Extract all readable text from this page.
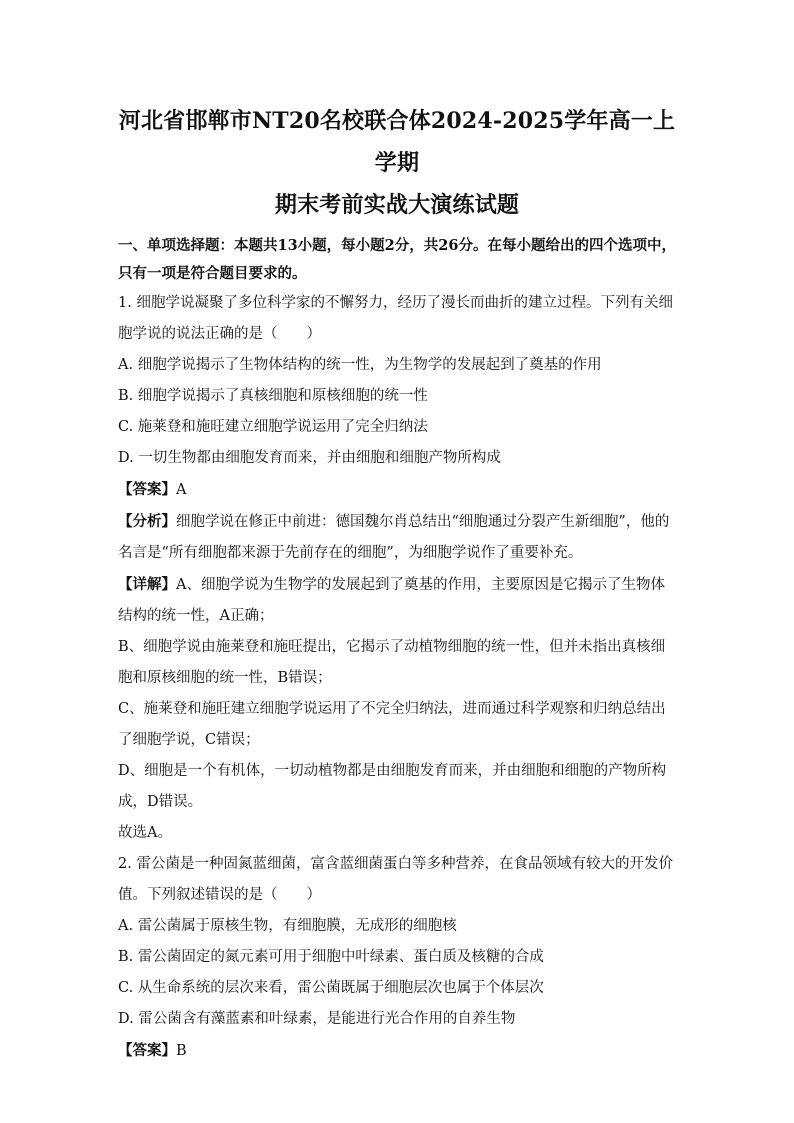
河北省邯郸市NT20名校联合体2024-2025学年高一上学期
期末考前实战大演练试题
一、单项选择题：本题共13小题，每小题2分，共26分。在每小题给出的四个选项中，只有一项是符合题目要求的。

1. 细胞学说凝聚了多位科学家的不懈努力，经历了漫长而曲折的建立过程。下列有关细胞学说的说法正确的是（　　）

A. 细胞学说揭示了生物体结构的统一性，为生物学的发展起到了奠基的作用

B. 细胞学说揭示了真核细胞和原核细胞的统一性

C. 施莱登和施旺建立细胞学说运用了完全归纳法

D. 一切生物都由细胞发育而来，并由细胞和细胞产物所构成

【答案】A

【分析】细胞学说在修正中前进：德国魏尔肖总结出“细胞通过分裂产生新细胞”，他的名言是“所有细胞都来源于先前存在的细胞”，为细胞学说作了重要补充。

【详解】A、细胞学说为生物学的发展起到了奠基的作用，主要原因是它揭示了生物体结构的统一性，A正确；

B、细胞学说由施莱登和施旺提出，它揭示了动植物细胞的统一性，但并未指出真核细胞和原核细胞的统一性，B错误；

C、施莱登和施旺建立细胞学说运用了不完全归纳法，进而通过科学观察和归纳总结出了细胞学说，C错误；

D、细胞是一个有机体，一切动植物都是由细胞发育而来，并由细胞和细胞的产物所构成，D错误。

故选A。

2. 雷公菌是一种固氮蓝细菌，富含蓝细菌蛋白等多种营养，在食品领域有较大的开发价值。下列叙述错误的是（　　）

A. 雷公菌属于原核生物，有细胞膜，无成形的细胞核

B. 雷公菌固定的氮元素可用于细胞中叶绿素、蛋白质及核糖的合成

C. 从生命系统的层次来看，雷公菌既属于细胞层次也属于个体层次

D. 雷公菌含有藻蓝素和叶绿素，是能进行光合作用的自养生物

【答案】B
